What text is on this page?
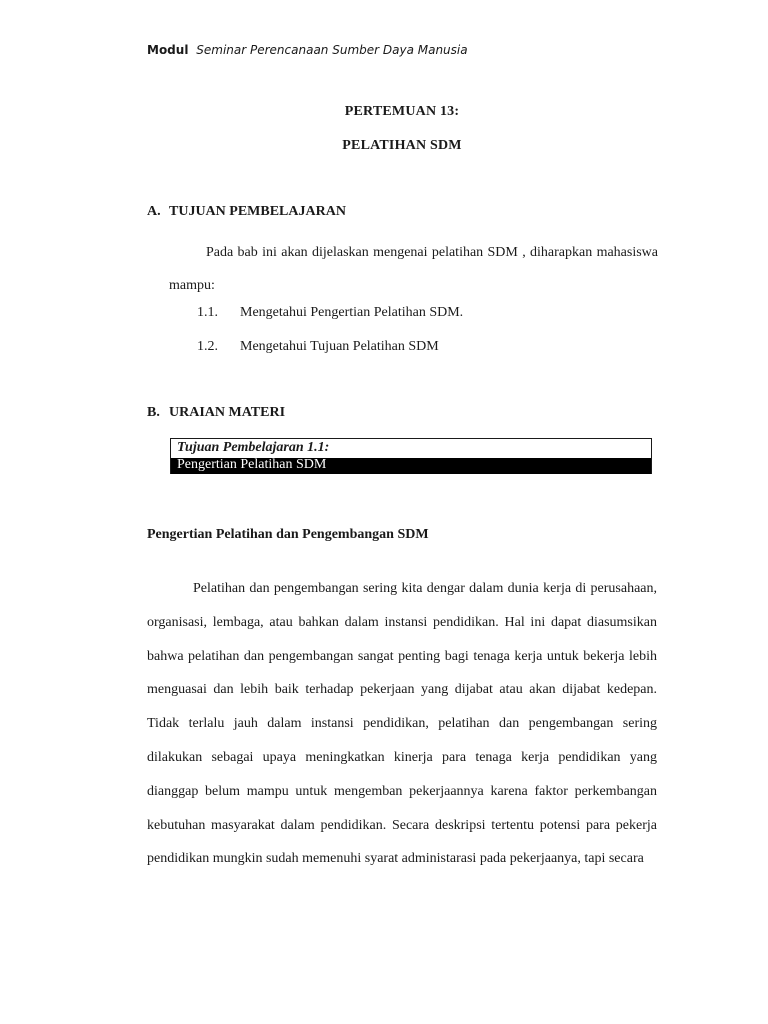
Modul Seminar Perencanaan Sumber Daya Manusia
PERTEMUAN 13:
PELATIHAN SDM
A. TUJUAN PEMBELAJARAN

Pada bab ini akan dijelaskan mengenai pelatihan SDM , diharapkan mahasiswa mampu:

1.1. Mengetahui Pengertian Pelatihan SDM.
1.2. Mengetahui Tujuan Pelatihan SDM
B. URAIAN MATERI
Tujuan Pembelajaran 1.1:
Pengertian Pelatihan SDM
Pengertian Pelatihan dan Pengembangan SDM

Pelatihan dan pengembangan sering kita dengar dalam dunia kerja di perusahaan, organisasi, lembaga, atau bahkan dalam instansi pendidikan. Hal ini dapat diasumsikan bahwa pelatihan dan pengembangan sangat penting bagi tenaga kerja untuk bekerja lebih menguasai dan lebih baik terhadap pekerjaan yang dijabat atau akan dijabat kedepan. Tidak terlalu jauh dalam instansi pendidikan, pelatihan dan pengembangan sering dilakukan sebagai upaya meningkatkan kinerja para tenaga kerja pendidikan yang dianggap belum mampu untuk mengemban pekerjaannya karena faktor perkembangan kebutuhan masyarakat dalam pendidikan. Secara deskripsi tertentu potensi para pekerja pendidikan mungkin sudah memenuhi syarat administarasi pada pekerjaanya, tapi secara
